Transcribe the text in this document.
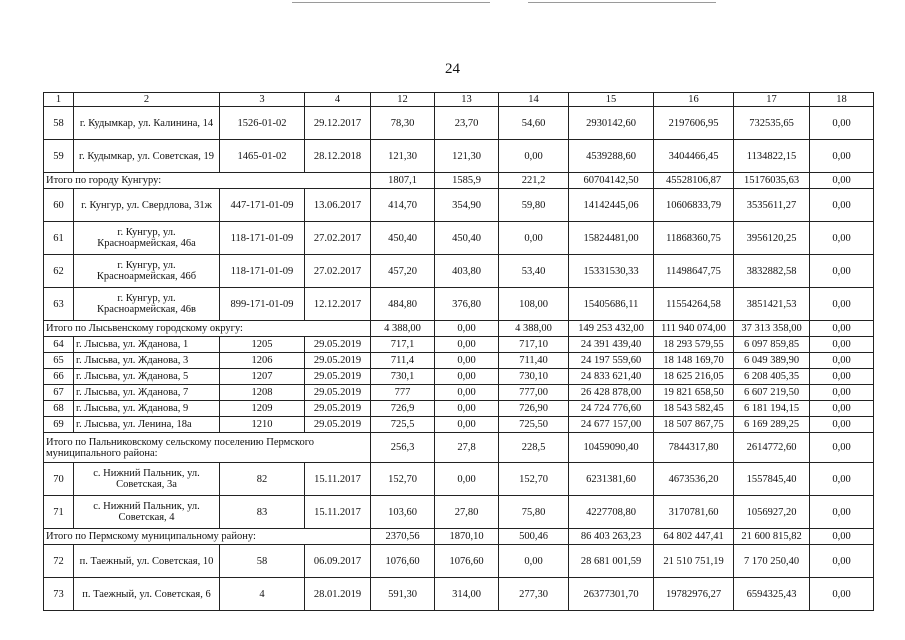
24
1	2	3	4	12	13	14	15	16	17	18
58	г. Кудымкар, ул. Калинина, 14	1526-01-02	29.12.2017	78,30	23,70	54,60	2930142,60	2197606,95	732535,65	0,00
59	г. Кудымкар, ул. Советская, 19	1465-01-02	28.12.2018	121,30	121,30	0,00	4539288,60	3404466,45	1134822,15	0,00
Итого по городу Кунгуру:				1807,1	1585,9	221,2	60704142,50	45528106,87	15176035,63	0,00
60	г. Кунгур, ул. Свердлова, 31ж	447-171-01-09	13.06.2017	414,70	354,90	59,80	14142445,06	10606833,79	3535611,27	0,00
61	г. Кунгур, ул. Красноармейская, 46а	118-171-01-09	27.02.2017	450,40	450,40	0,00	15824481,00	11868360,75	3956120,25	0,00
62	г. Кунгур, ул. Красноармейская, 46б	118-171-01-09	27.02.2017	457,20	403,80	53,40	15331530,33	11498647,75	3832882,58	0,00
63	г. Кунгур, ул. Красноармейская, 46в	899-171-01-09	12.12.2017	484,80	376,80	108,00	15405686,11	11554264,58	3851421,53	0,00
Итого по Лысьвенскому городскому округу:				4 388,00	0,00	4 388,00	149 253 432,00	111 940 074,00	37 313 358,00	0,00
64	г. Лысьва, ул. Жданова, 1	1205	29.05.2019	717,1	0,00	717,10	24 391 439,40	18 293 579,55	6 097 859,85	0,00
65	г. Лысьва, ул. Жданова, 3	1206	29.05.2019	711,4	0,00	711,40	24 197 559,60	18 148 169,70	6 049 389,90	0,00
66	г. Лысьва, ул. Жданова, 5	1207	29.05.2019	730,1	0,00	730,10	24 833 621,40	18 625 216,05	6 208 405,35	0,00
67	г. Лысьва, ул. Жданова, 7	1208	29.05.2019	777	0,00	777,00	26 428 878,00	19 821 658,50	6 607 219,50	0,00
68	г. Лысьва, ул. Жданова, 9	1209	29.05.2019	726,9	0,00	726,90	24 724 776,60	18 543 582,45	6 181 194,15	0,00
69	г. Лысьва, ул. Ленина, 18а	1210	29.05.2019	725,5	0,00	725,50	24 677 157,00	18 507 867,75	6 169 289,25	0,00
Итого по Пальниковскому сельскому поселению Пермского муниципального района:				256,3	27,8	228,5	10459090,40	7844317,80	2614772,60	0,00
70	с. Нижний Пальник, ул. Советская, 3а	82	15.11.2017	152,70	0,00	152,70	6231381,60	4673536,20	1557845,40	0,00
71	с. Нижний Пальник, ул. Советская, 4	83	15.11.2017	103,60	27,80	75,80	4227708,80	3170781,60	1056927,20	0,00
Итого по Пермскому муниципальному району:				2370,56	1870,10	500,46	86 403 263,23	64 802 447,41	21 600 815,82	0,00
72	п. Таежный, ул. Советская, 10	58	06.09.2017	1076,60	1076,60	0,00	28 681 001,59	21 510 751,19	7 170 250,40	0,00
73	п. Таежный, ул. Советская, 6	4	28.01.2019	591,30	314,00	277,30	26377301,70	19782976,27	6594325,43	0,00
